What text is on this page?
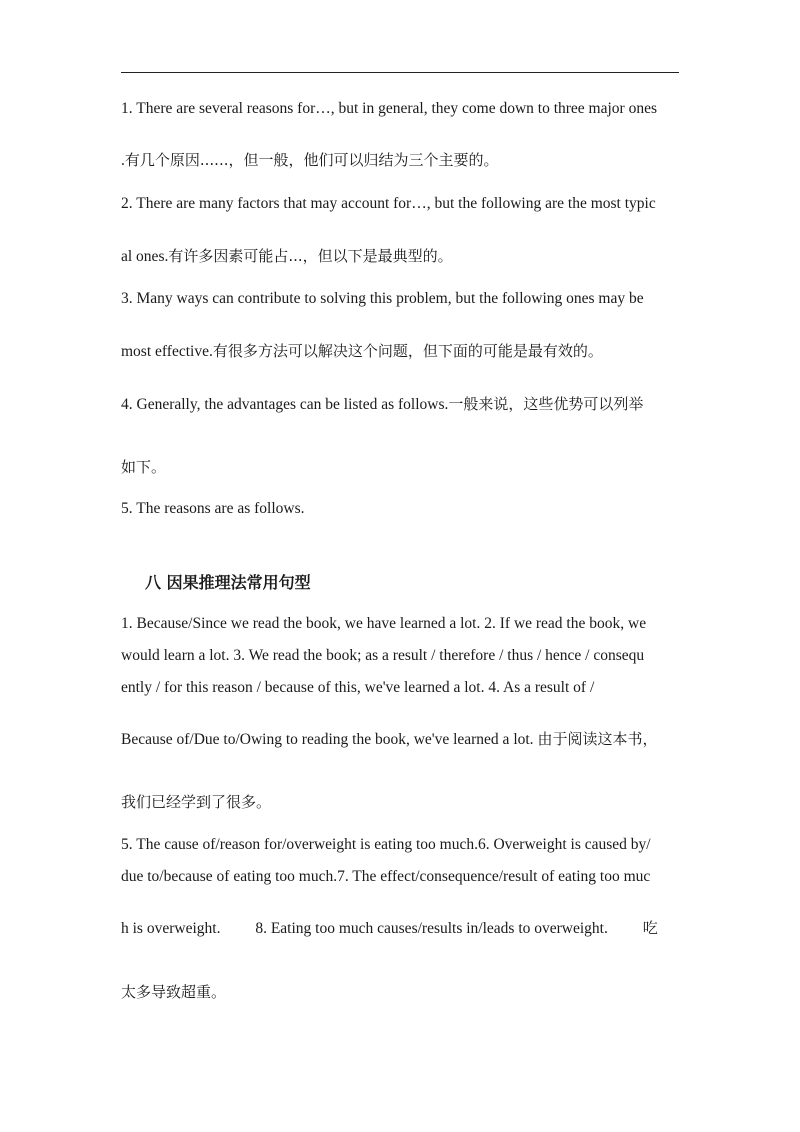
1. There are several reasons for…, but in general, they come down to three major ones
.有几个原因......，但一般，他们可以归结为三个主要的。
2. There are many factors that may account for…, but the following are the most typic
al ones.有许多因素可能占...，但以下是最典型的。
3. Many ways can contribute to solving this problem, but the following ones may be
most effective.有很多方法可以解决这个问题，但下面的可能是最有效的。
4. Generally, the advantages can be listed as follows.一般来说，这些优势可以列举
如下。
5. The reasons are as follows.
八 因果推理法常用句型
1. Because/Since we read the book, we have learned a lot. 2. If we read the book, we
would learn a lot. 3. We read the book; as a result / therefore / thus / hence / consequ
ently / for this reason / because of this, we've learned a lot. 4. As a result of /
Because of/Due to/Owing to reading the book, we've learned a lot. 由于阅读这本书，
我们已经学到了很多。
5. The cause of/reason for/overweight is eating too much.6. Overweight is caused by/
due to/because of eating too much.7. The effect/consequence/result of eating too muc
h is overweight.         8. Eating too much causes/results in/leads to overweight.         吃
太多导致超重。
